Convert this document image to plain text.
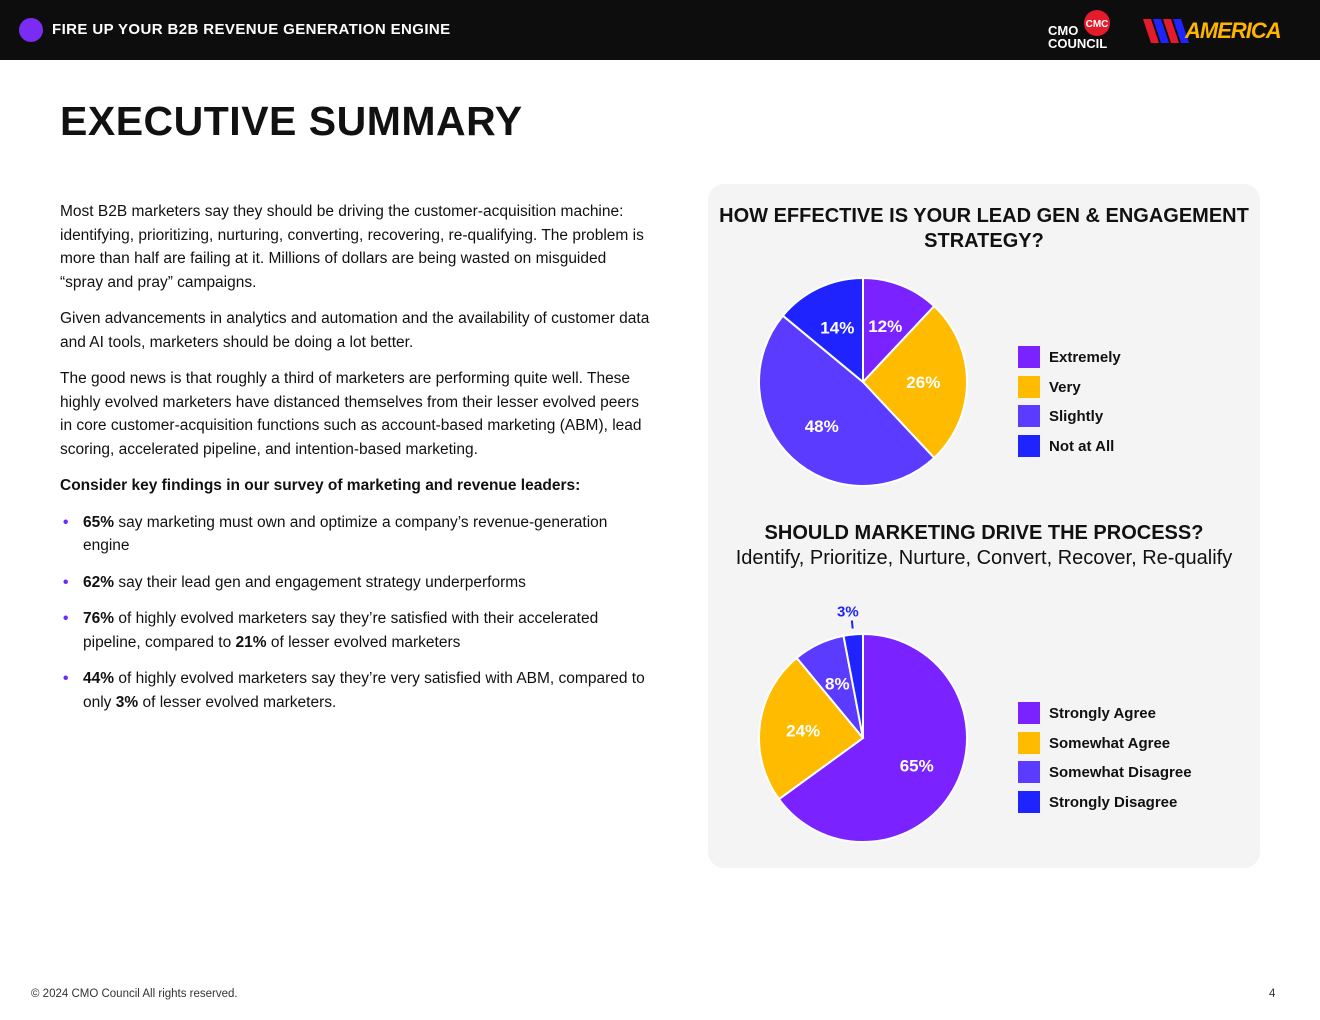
FIRE UP YOUR B2B REVENUE GENERATION ENGINE	CMO
COUNCIL
CMC	AMERICA
EXECUTIVE SUMMARY

Most B2B marketers say they should be driving the customer-acquisition machine: identifying, prioritizing, nurturing, converting, recovering, re-qualifying. The problem is more than half are failing at it. Millions of dollars are being wasted on misguided “spray and pray” campaigns.

Given advancements in analytics and automation and the availability of customer data and AI tools, marketers should be doing a lot better.

The good news is that roughly a third of marketers are performing quite well. These highly evolved marketers have distanced themselves from their lesser evolved peers in core customer-acquisition functions such as account-based marketing (ABM), lead scoring, accelerated pipeline, and intention-based marketing.

Consider key findings in our survey of marketing and revenue leaders:

• 65% say marketing must own and optimize a company’s revenue-generation engine
• 62% say their lead gen and engagement strategy underperforms
• 76% of highly evolved marketers say they’re satisfied with their accelerated pipeline, compared to 21% of lesser evolved marketers
• 44% of highly evolved marketers say they’re very satisfied with ABM, compared to only 3% of lesser evolved marketers.
HOW EFFECTIVE IS YOUR LEAD GEN & ENGAGEMENT STRATEGY?
12%
26%
48%
14%
Extremely
Very
Slightly
Not at All
SHOULD MARKETING DRIVE THE PROCESS?
Identify, Prioritize, Nurture, Convert, Recover, Re-qualify
65%
24%
8%
3%
Strongly Agree
Somewhat Agree
Somewhat Disagree
Strongly Disagree
© 2024 CMO Council All rights reserved.	4
